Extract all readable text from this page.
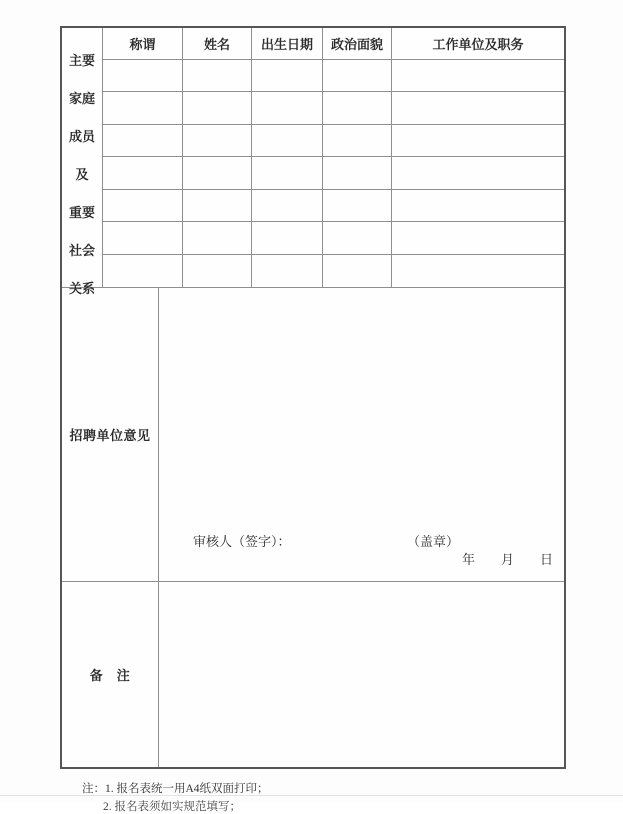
主要

家庭

成员

及

重要

社会

关系

称谓	姓名	出生日期	政治面貌	工作单位及职务
招聘单位意见
审核人（签字）：	（盖章）
年　　月　　日
备　注
注：1. 报名表统一用A4纸双面打印；
2. 报名表须如实规范填写；
